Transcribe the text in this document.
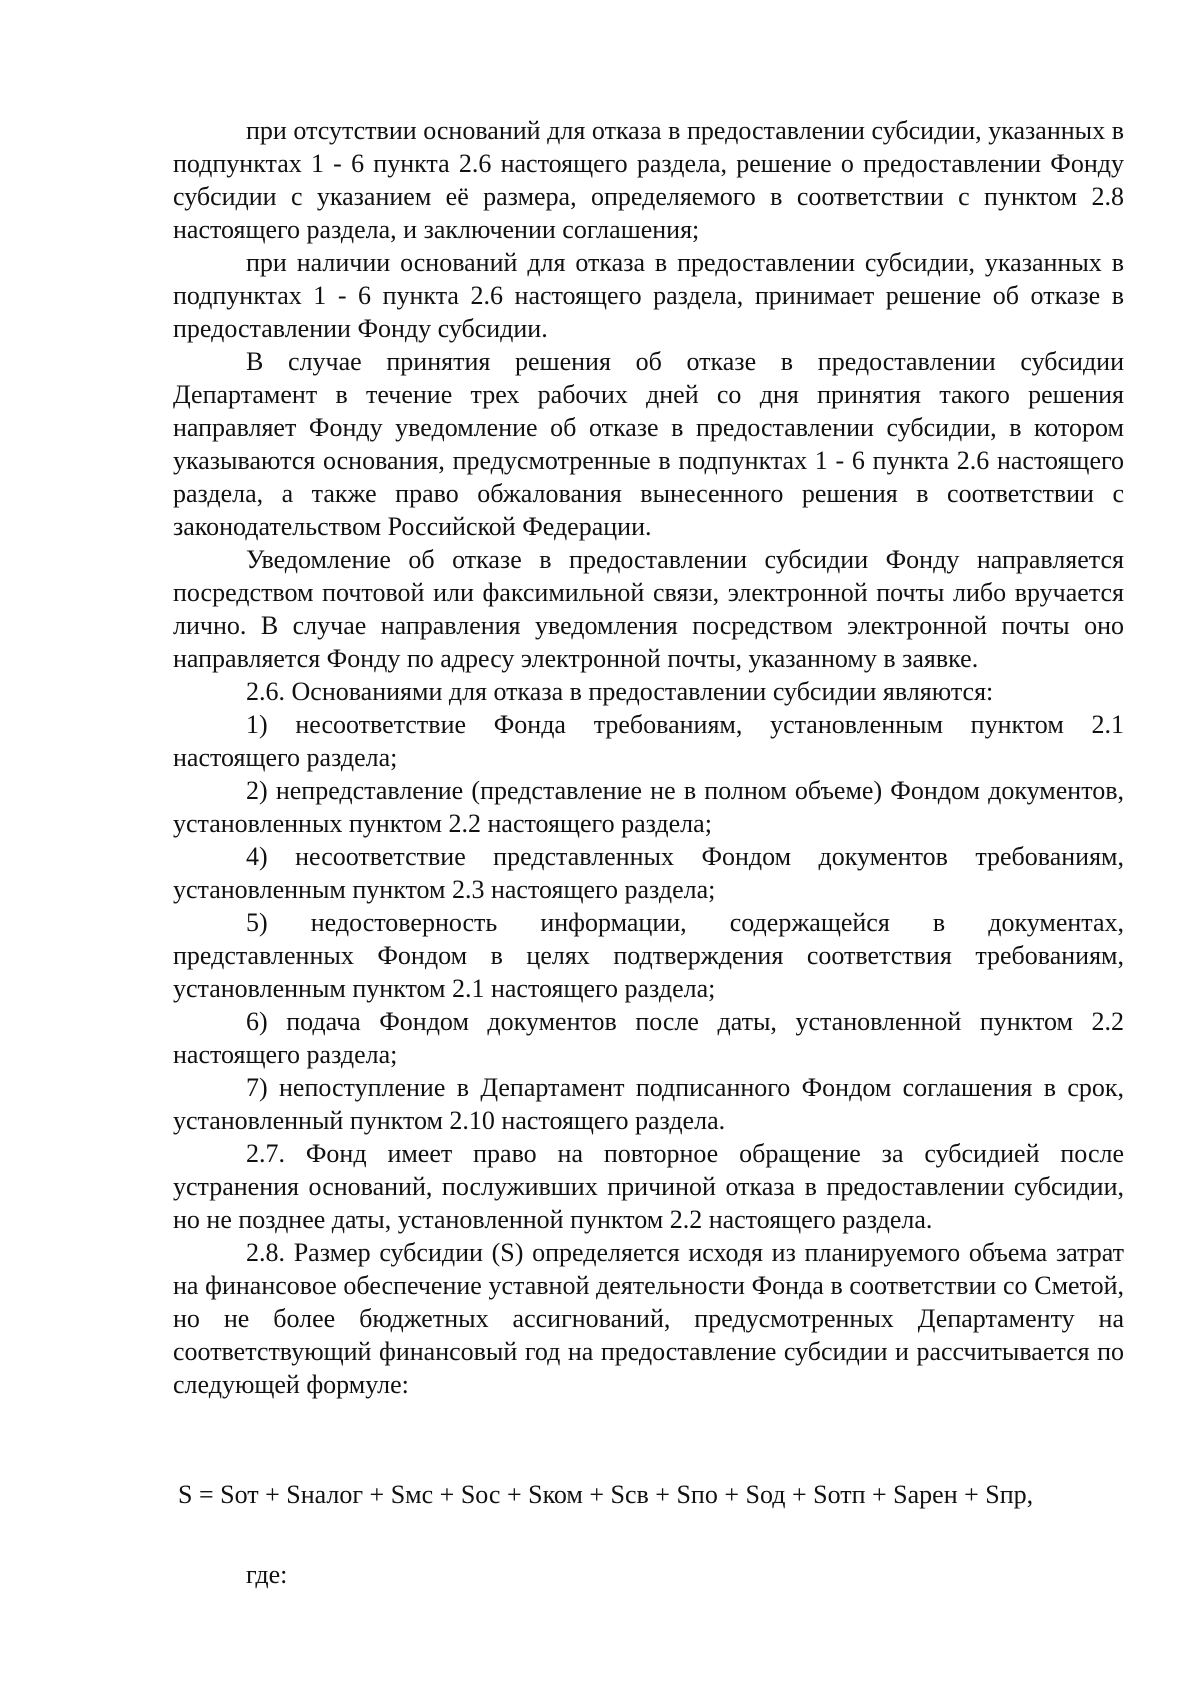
при отсутствии оснований для отказа в предоставлении субсидии, указанных в подпунктах 1 - 6 пункта 2.6 настоящего раздела, решение о предоставлении Фонду субсидии с указанием её размера, определяемого в соответствии с пунктом 2.8 настоящего раздела, и заключении соглашения;

при наличии оснований для отказа в предоставлении субсидии, указанных в подпунктах 1 - 6 пункта 2.6 настоящего раздела, принимает решение об отказе в предоставлении Фонду субсидии.

В случае принятия решения об отказе в предоставлении субсидии Департамент в течение трех рабочих дней со дня принятия такого решения направляет Фонду уведомление об отказе в предоставлении субсидии, в котором указываются основания, предусмотренные в подпунктах 1 - 6 пункта 2.6 настоящего раздела, а также право обжалования вынесенного решения в соответствии с законодательством Российской Федерации.

Уведомление об отказе в предоставлении субсидии Фонду направляется посредством почтовой или факсимильной связи, электронной почты либо вручается лично. В случае направления уведомления посредством электронной почты оно направляется Фонду по адресу электронной почты, указанному в заявке.

2.6. Основаниями для отказа в предоставлении субсидии являются:

1) несоответствие Фонда требованиям, установленным пунктом 2.1 настоящего раздела;

2) непредставление (представление не в полном объеме) Фондом документов, установленных пунктом 2.2 настоящего раздела;

4) несоответствие представленных Фондом документов требованиям, установленным пунктом 2.3 настоящего раздела;

5) недостоверность информации, содержащейся в документах, представленных Фондом в целях подтверждения соответствия требованиям, установленным пунктом 2.1 настоящего раздела;

6) подача Фондом документов после даты, установленной пунктом 2.2 настоящего раздела;

7) непоступление в Департамент подписанного Фондом соглашения в срок, установленный пунктом 2.10 настоящего раздела.

2.7. Фонд имеет право на повторное обращение за субсидией после устранения оснований, послуживших причиной отказа в предоставлении субсидии, но не позднее даты, установленной пунктом 2.2 настоящего раздела.

2.8. Размер субсидии (S) определяется исходя из планируемого объема затрат на финансовое обеспечение уставной деятельности Фонда в соответствии со Сметой, но не более бюджетных ассигнований, предусмотренных Департаменту на соответствующий финансовый год на предоставление субсидии и рассчитывается по следующей формуле:

S = Sот + Sналог + Sмс + Sос + Sком + Sсв + Sпо + Sод + Sотп + Sарен + Sпр,
где:
